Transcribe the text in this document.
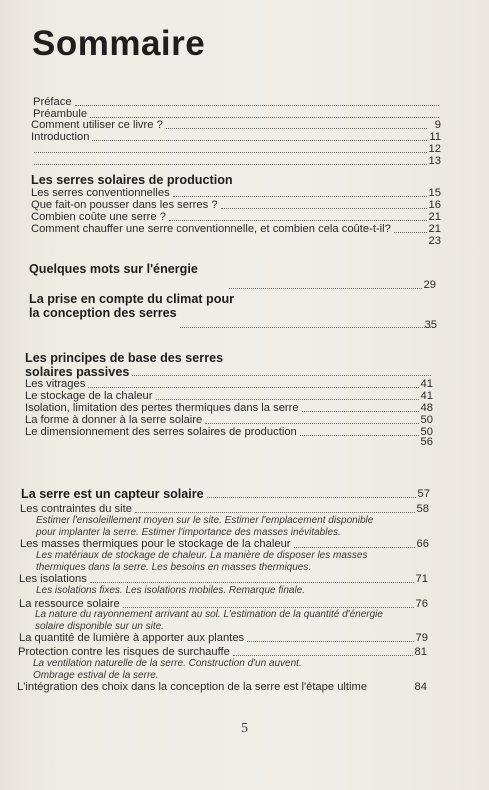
Sommaire
Préface
Préambule
Comment utiliser ce livre ?	9
Introduction	11
12
13
Les serres solaires de production
Les serres conventionnelles	15
Que fait-on pousser dans les serres ?	16
Combien coûte une serre ?	21
Comment chauffer une serre conventionnelle, et combien cela coûte-t-il?	21
23
Quelques mots sur l'énergie
29
La prise en compte du climat pour
la conception des serres
35
Les principes de base des serres
solaires passives
Les vitrages	41
Le stockage de la chaleur	41
Isolation, limitation des pertes thermiques dans la serre	48
La forme à donner à la serre solaire	50
Le dimensionnement des serres solaires de production	50
56
La serre est un capteur solaire	57
Les contraintes du site	58
Estimer l'ensoleillement moyen sur le site. Estimer l'emplacement disponible
pour implanter la serre. Estimer l'importance des masses inévitables.
Les masses thermiques pour le stockage de la chaleur	66
Les matériaux de stockage de chaleur. La manière de disposer les masses
thermiques dans la serre. Les besoins en masses thermiques.
Les isolations	71
Les isolations fixes. Les isolations mobiles. Remarque finale.
La ressource solaire	76
La nature du rayonnement arrivant au sol. L'estimation de la quantité d'énergie
solaire disponible sur un site.
La quantité de lumière à apporter aux plantes	79
Protection contre les risques de surchauffe	81
La ventilation naturelle de la serre. Construction d'un auvent.
Ombrage estival de la serre.
L'intégration des choix dans la conception de la serre est l'étape ultime	84
5
